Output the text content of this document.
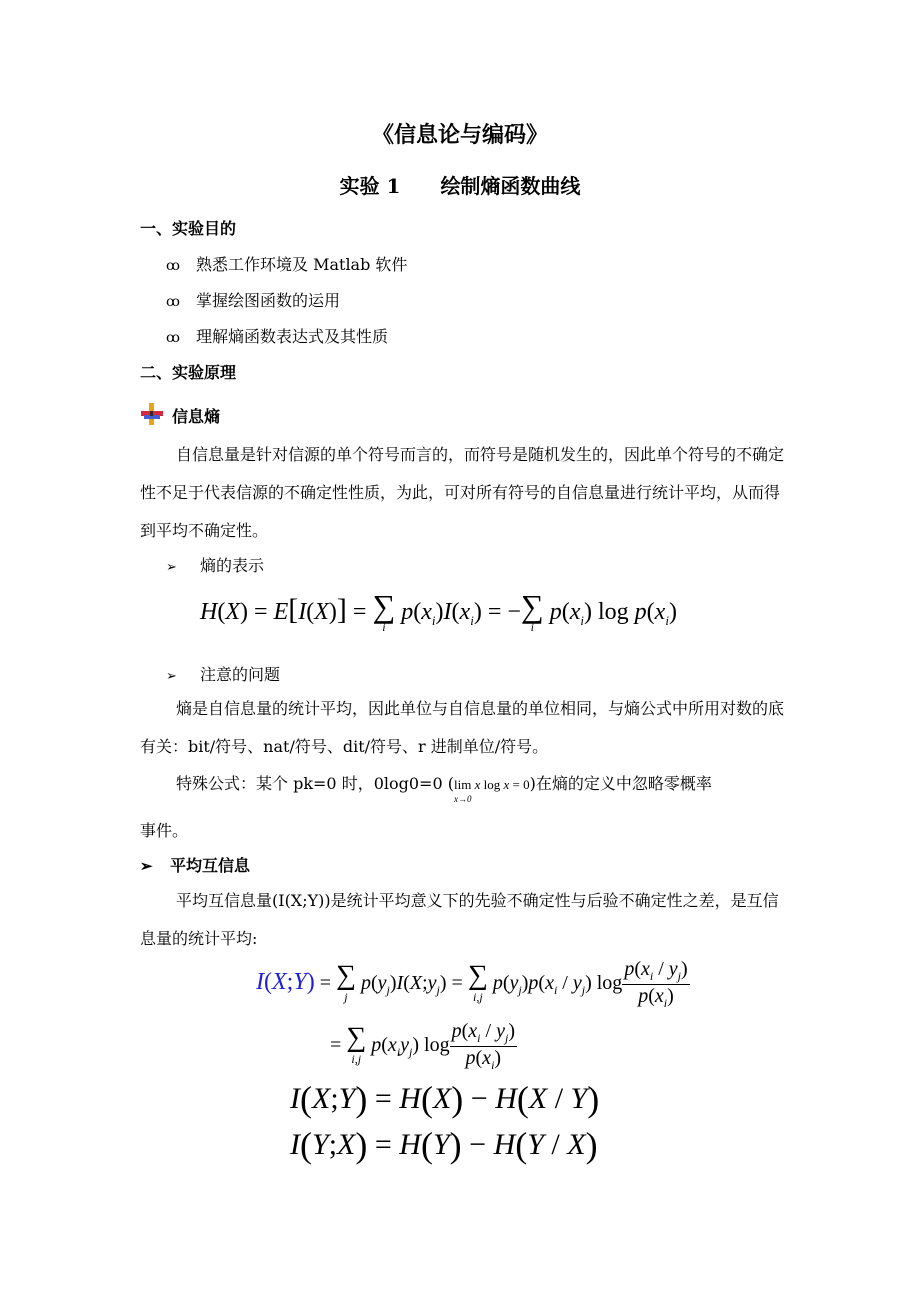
《信息论与编码》
实验 1 绘制熵函数曲线
一、实验目的
ꝏ 熟悉工作环境及 Matlab 软件
ꝏ 掌握绘图函数的运用
ꝏ 理解熵函数表达式及其性质
二、实验原理
信息熵
自信息量是针对信源的单个符号而言的，而符号是随机发生的，因此单个符号的不确定性不足于代表信源的不确定性性质，为此，可对所有符号的自信息量进行统计平均，从而得到平均不确定性。
➢ 熵的表示
H(X) = E[I(X)] = ∑
i
$p(x_i)I(x_i)$ = − ∑
i
$p(x_i)$ $\log p(x_i)$
➢ 注意的问题
熵是自信息量的统计平均，因此单位与自信息量的单位相同，与熵公式中所用对数的底有关：bit/符号、nat/符号、dit/符号、r 进制单位/符号。
特殊公式：某个 pk=0 时，0log0=0 (lim x log x = 0
x→0
)在熵的定义中忽略零概率
事件。
➢ 平均互信息
平均互信息量(I(X;Y))是统计平均意义下的先验不确定性与后验不确定性之差，是互信息量的统计平均:
I(X;Y) = ∑
j
$p(y_j)I(X;y_j)$ = ∑
i,j
$p(y_j)p(x_i / y_j)$ $\log \frac{p(x_i / y_j)}{p(x_i)}$
= ∑
i,j
$p(x_iy_j)$ $\log \frac{p(x_i / y_j)}{p(x_i)}$
I(X;Y) = H(X) − H(X / Y)
I(Y;X) = H(Y) − H(Y / X)
